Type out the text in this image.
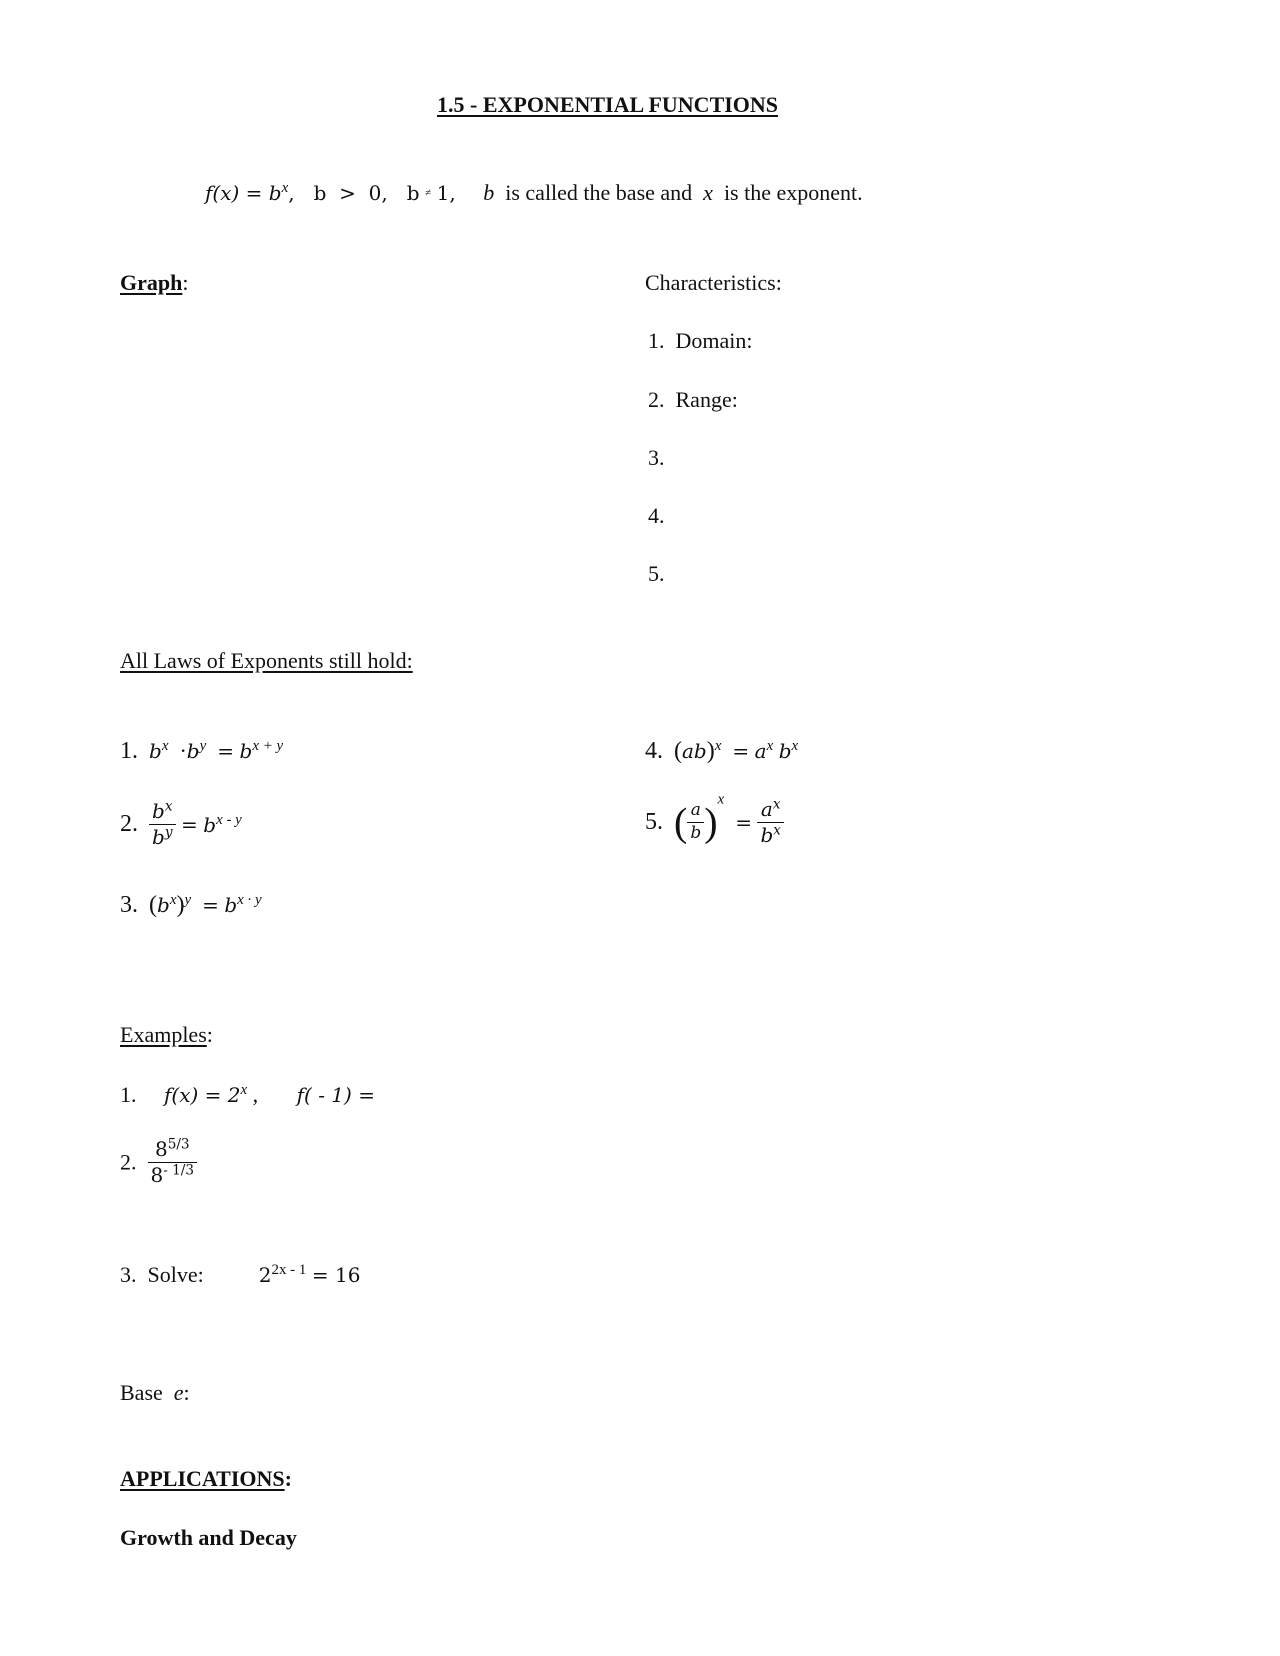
1.5 - EXPONENTIAL FUNCTIONS
$f(x) = b^x$,   b  >  0,   b ≠ 1, b is called the base and x is the exponent.
Graph:	Characteristics:
1.  Domain:
2.  Range:
3.
4.
5.
All Laws of Exponents still hold:
1. $b^x \cdot b^y = b^{x + y}$	4. $(ab)^x = a^x$ $b^x$
2. $\frac{b^x}{b^y} = b^{x - y}$	5. ( $\frac{a}{b} )^x = \frac{a^x}{b^x}$
3. $(b^x)^y = b^{x \cdot y}$
Examples:
1. $f(x) = 2^x$ , f( - 1) =
2. $\frac{8^{5/3}}{8^{- 1/3}}$
3.  Solve:	$2^{2x - 1} = 16$
Base e:
APPLICATIONS:
Growth and Decay
